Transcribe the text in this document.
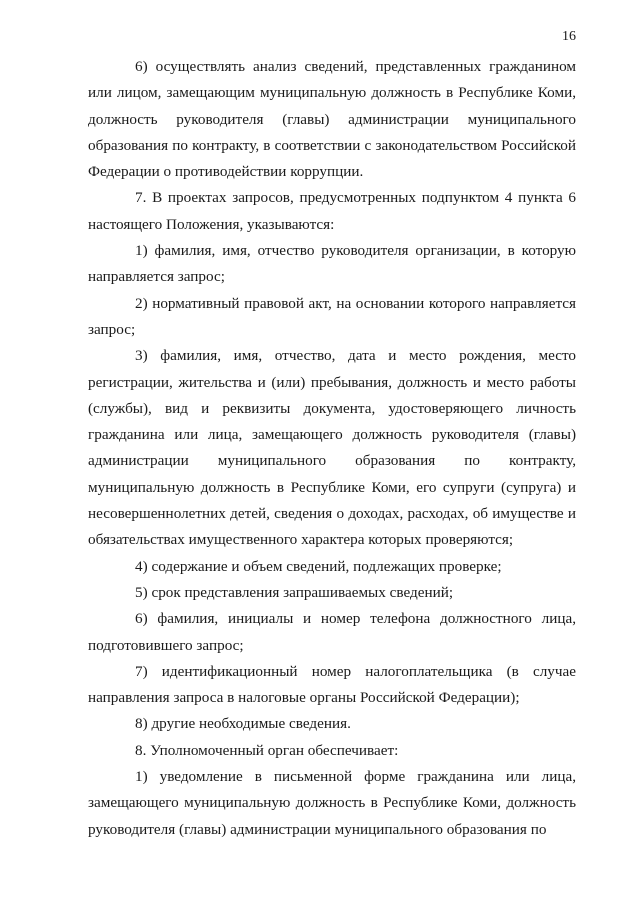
16

6) осуществлять анализ сведений, представленных гражданином или лицом, замещающим муниципальную должность в Республике Коми, должность руководителя (главы) администрации муниципального образования по контракту, в соответствии с законодательством Российской Федерации о противодействии коррупции.

7. В проектах запросов, предусмотренных подпунктом 4 пункта 6 настоящего Положения, указываются:

1) фамилия, имя, отчество руководителя организации, в которую направляется запрос;

2) нормативный правовой акт, на основании которого направляется запрос;

3) фамилия, имя, отчество, дата и место рождения, место регистрации, жительства и (или) пребывания, должность и место работы (службы), вид и реквизиты документа, удостоверяющего личность гражданина или лица, замещающего должность руководителя (главы) администрации муниципального образования по контракту, муниципальную должность в Республике Коми, его супруги (супруга) и несовершеннолетних детей, сведения о доходах, расходах, об имуществе и обязательствах имущественного характера которых проверяются;

4) содержание и объем сведений, подлежащих проверке;

5) срок представления запрашиваемых сведений;

6) фамилия, инициалы и номер телефона должностного лица, подготовившего запрос;

7) идентификационный номер налогоплательщика (в случае направления запроса в налоговые органы Российской Федерации);

8) другие необходимые сведения.

8. Уполномоченный орган обеспечивает:

1) уведомление в письменной форме гражданина или лица, замещающего муниципальную должность в Республике Коми, должность руководителя (главы) администрации муниципального образования по
